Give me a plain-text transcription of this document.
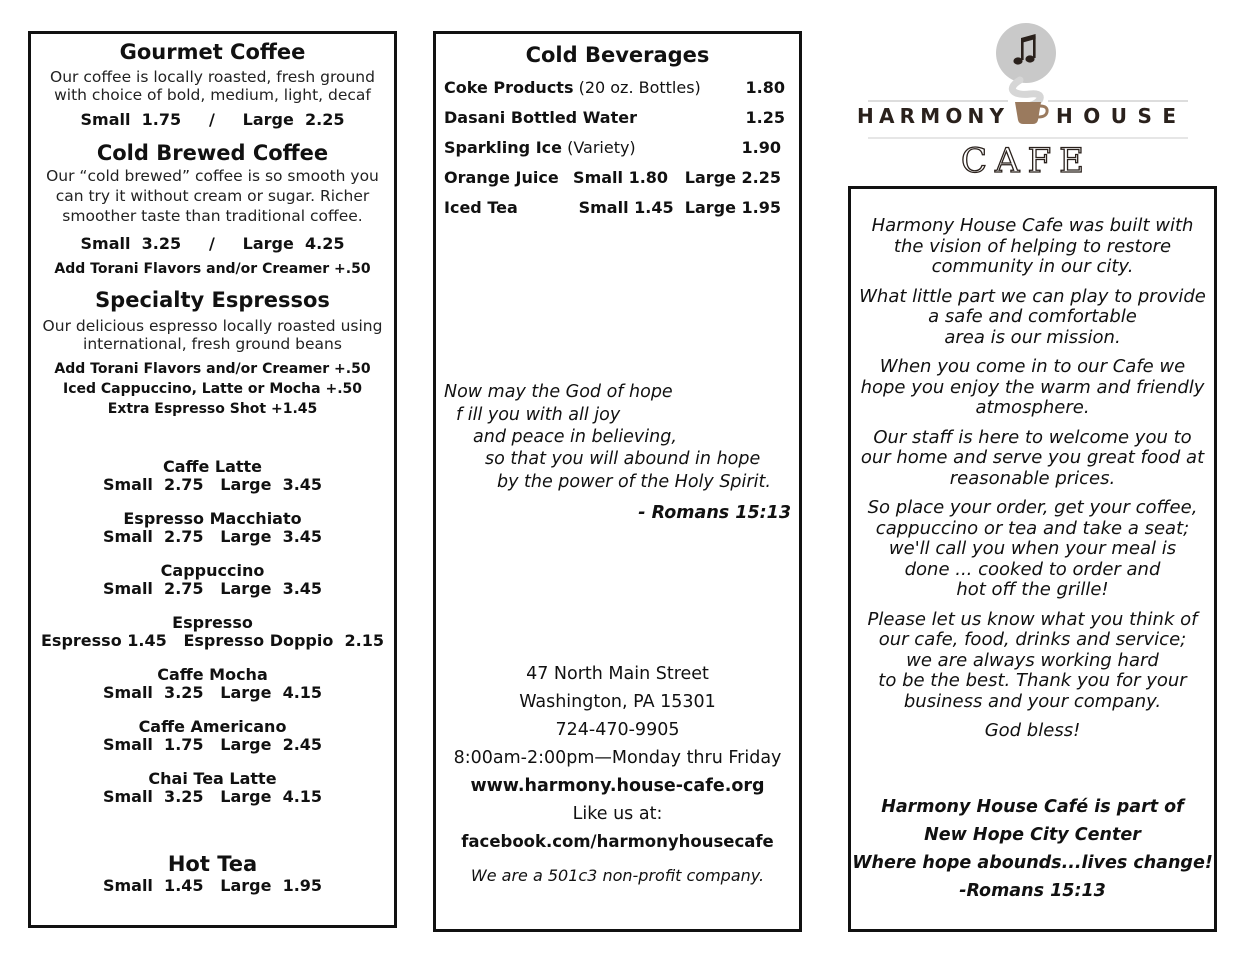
Gourmet Coffee
Our coffee is locally roasted, fresh ground
with choice of bold, medium, light, decaf
Small  1.75     /     Large  2.25
Cold Brewed Coffee
Our “cold brewed” coffee is so smooth you
can try it without cream or sugar. Richer
smoother taste than traditional coffee.
Small  3.25     /     Large  4.25
Add Torani Flavors and/or Creamer +.50
Specialty Espressos
Our delicious espresso locally roasted using
international, fresh ground beans
Add Torani Flavors and/or Creamer +.50
Iced Cappuccino, Latte or Mocha +.50
Extra Espresso Shot +1.45
Caffe Latte
Small  2.75   Large  3.45
Espresso Macchiato
Small  2.75   Large  3.45
Cappuccino
Small  2.75   Large  3.45
Espresso
Espresso 1.45   Espresso Doppio  2.15
Caffe Mocha
Small  3.25   Large  4.15
Caffe Americano
Small  1.75   Large  2.45
Chai Tea Latte
Small  3.25   Large  4.15
Hot Tea
Small  1.45   Large  1.95
Cold Beverages
Coke Products (20 oz. Bottles)	1.80
Dasani Bottled Water	1.25
Sparkling Ice (Variety)	1.90
Orange Juice Small 1.80   Large 2.25
Iced Tea	Small 1.45  Large 1.95
Now may the God of hope
f ill you with all joy
and peace in believing,
so that you will abound in hope
by the power of the Holy Spirit.
- Romans 15:13
47 North Main Street
Washington, PA 15301
724-470-9905
8:00am-2:00pm—Monday thru Friday
www.harmony.house-cafe.org
Like us at:
facebook.com/harmonyhousecafe
We are a 501c3 non-profit company.
HARMONY HOUSE
CAFE

Harmony House Cafe was built with
the vision of helping to restore
community in our city.

What little part we can play to provide
a safe and comfortable
area is our mission.

When you come in to our Cafe we
hope you enjoy the warm and friendly
atmosphere.

Our staff is here to welcome you to
our home and serve you great food at
reasonable prices.

So place your order, get your coffee,
cappuccino or tea and take a seat;
we'll call you when your meal is
done ... cooked to order and
hot off the grille!

Please let us know what you think of
our cafe, food, drinks and service;
we are always working hard
to be the best. Thank you for your
business and your company.

God bless!

Harmony House Café is part of
New Hope City Center
Where hope abounds...lives change!
-Romans 15:13
